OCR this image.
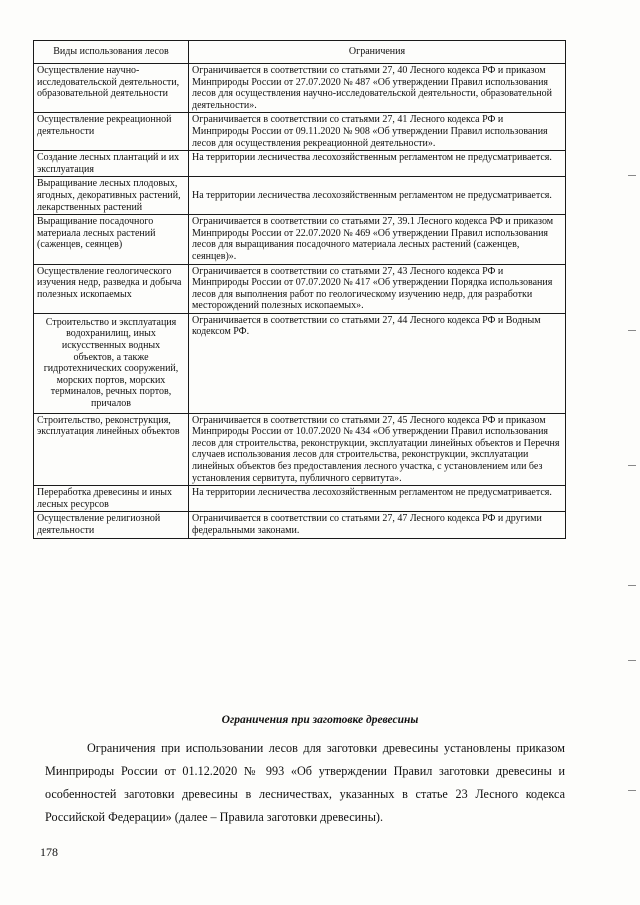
Виды использования лесов	Ограничения
Осуществление научно-исследовательской деятельности, образовательной деятельности	Ограничивается в соответствии со статьями 27, 40 Лесного кодекса РФ и приказом Минприроды России от 27.07.2020 № 487 «Об утверждении Правил использования лесов для осуществления научно-исследовательской деятельности, образовательной деятельности».
Осуществление рекреационной деятельности	Ограничивается в соответствии со статьями 27, 41 Лесного кодекса РФ и Минприроды России от 09.11.2020 № 908 «Об утверждении Правил использования лесов для осуществления рекреационной деятельности».
Создание лесных плантаций и их эксплуатация	На территории лесничества лесохозяйственным регламентом не предусматривается.
Выращивание лесных плодовых, ягодных, декоративных растений, лекарственных растений	На территории лесничества лесохозяйственным регламентом не предусматривается.
Выращивание посадочного материала лесных растений (саженцев, сеянцев)	Ограничивается в соответствии со статьями 27, 39.1 Лесного кодекса РФ и приказом Минприроды России от 22.07.2020 № 469 «Об утверждении Правил использования лесов для выращивания посадочного материала лесных растений (саженцев, сеянцев)».
Осуществление геологического изучения недр, разведка и добыча полезных ископаемых	Ограничивается в соответствии со статьями 27, 43 Лесного кодекса РФ и Минприроды России от 07.07.2020 № 417 «Об утверждении Порядка использования лесов для выполнения работ по геологическому изучению недр, для разработки месторождений полезных ископаемых».
Строительство и эксплуатация водохранилищ, иных искусственных водных объектов, а также гидротехнических сооружений, морских портов, морских терминалов, речных портов, причалов	Ограничивается в соответствии со статьями 27, 44 Лесного кодекса РФ и Водным кодексом РФ.
Строительство, реконструкция, эксплуатация линейных объектов	Ограничивается в соответствии со статьями 27, 45 Лесного кодекса РФ и приказом Минприроды России от 10.07.2020 № 434 «Об утверждении Правил использования лесов для строительства, реконструкции, эксплуатации линейных объектов и Перечня случаев использования лесов для строительства, реконструкции, эксплуатации линейных объектов без предоставления лесного участка, с установлением или без установления сервитута, публичного сервитута».
Переработка древесины и иных лесных ресурсов	На территории лесничества лесохозяйственным регламентом не предусматривается.
Осуществление религиозной деятельности	Ограничивается в соответствии со статьями 27, 47 Лесного кодекса РФ и другими федеральными законами.
Ограничения при заготовке древесины
Ограничения при использовании лесов для заготовки древесины установлены приказом Минприроды России от 01.12.2020 № 993 «Об утверждении Правил заготовки древесины и особенностей заготовки древесины в лесничествах, указанных в статье 23 Лесного кодекса Российской Федерации» (далее – Правила заготовки древесины).
178
